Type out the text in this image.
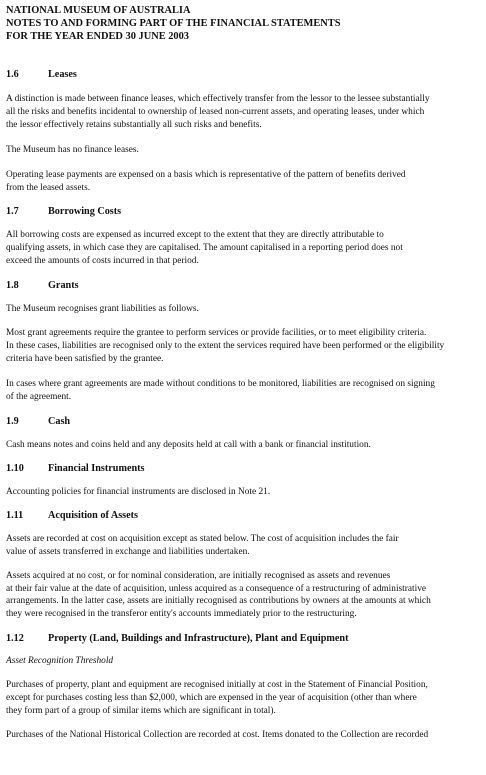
NATIONAL MUSEUM OF AUSTRALIA
NOTES TO AND FORMING PART OF THE FINANCIAL STATEMENTS
FOR THE YEAR ENDED 30 JUNE 2003
1.6	Leases
A distinction is made between finance leases, which effectively transfer from the lessor to the lessee substantially
all the risks and benefits incidental to ownership of leased non-current assets, and operating leases, under which
the lessor effectively retains substantially all such risks and benefits.
The Museum has no finance leases.
Operating lease payments are expensed on a basis which is representative of the pattern of benefits derived
from the leased assets.
1.7	Borrowing Costs
All borrowing costs are expensed as incurred except to the extent that they are directly attributable to
qualifying assets, in which case they are capitalised. The amount capitalised in a reporting period does not
exceed the amounts of costs incurred in that period.
1.8	Grants
The Museum recognises grant liabilities as follows.
Most grant agreements require the grantee to perform services or provide facilities, or to meet eligibility criteria.
In these cases, liabilities are recognised only to the extent the services required have been performed or the eligibility
criteria have been satisfied by the grantee.
In cases where grant agreements are made without conditions to be monitored, liabilities are recognised on signing
of the agreement.
1.9	Cash
Cash means notes and coins held and any deposits held at call with a bank or financial institution.
1.10	Financial Instruments
Accounting policies for financial instruments are disclosed in Note 21.
1.11	Acquisition of Assets
Assets are recorded at cost on acquisition except as stated below. The cost of acquisition includes the fair
value of assets transferred in exchange and liabilities undertaken.
Assets acquired at no cost, or for nominal consideration, are initially recognised as assets and revenues
at their fair value at the date of acquisition, unless acquired as a consequence of a restructuring of administrative
arrangements. In the latter case, assets are initially recognised as contributions by owners at the amounts at which
they were recognised in the transferor entity's accounts immediately prior to the restructuring.
1.12	Property (Land, Buildings and Infrastructure), Plant and Equipment
Asset Recognition Threshold
Purchases of property, plant and equipment are recognised initially at cost in the Statement of Financial Position,
except for purchases costing less than $2,000, which are expensed in the year of acquisition (other than where
they form part of a group of similar items which are significant in total).
Purchases of the National Historical Collection are recorded at cost. Items donated to the Collection are recorded
